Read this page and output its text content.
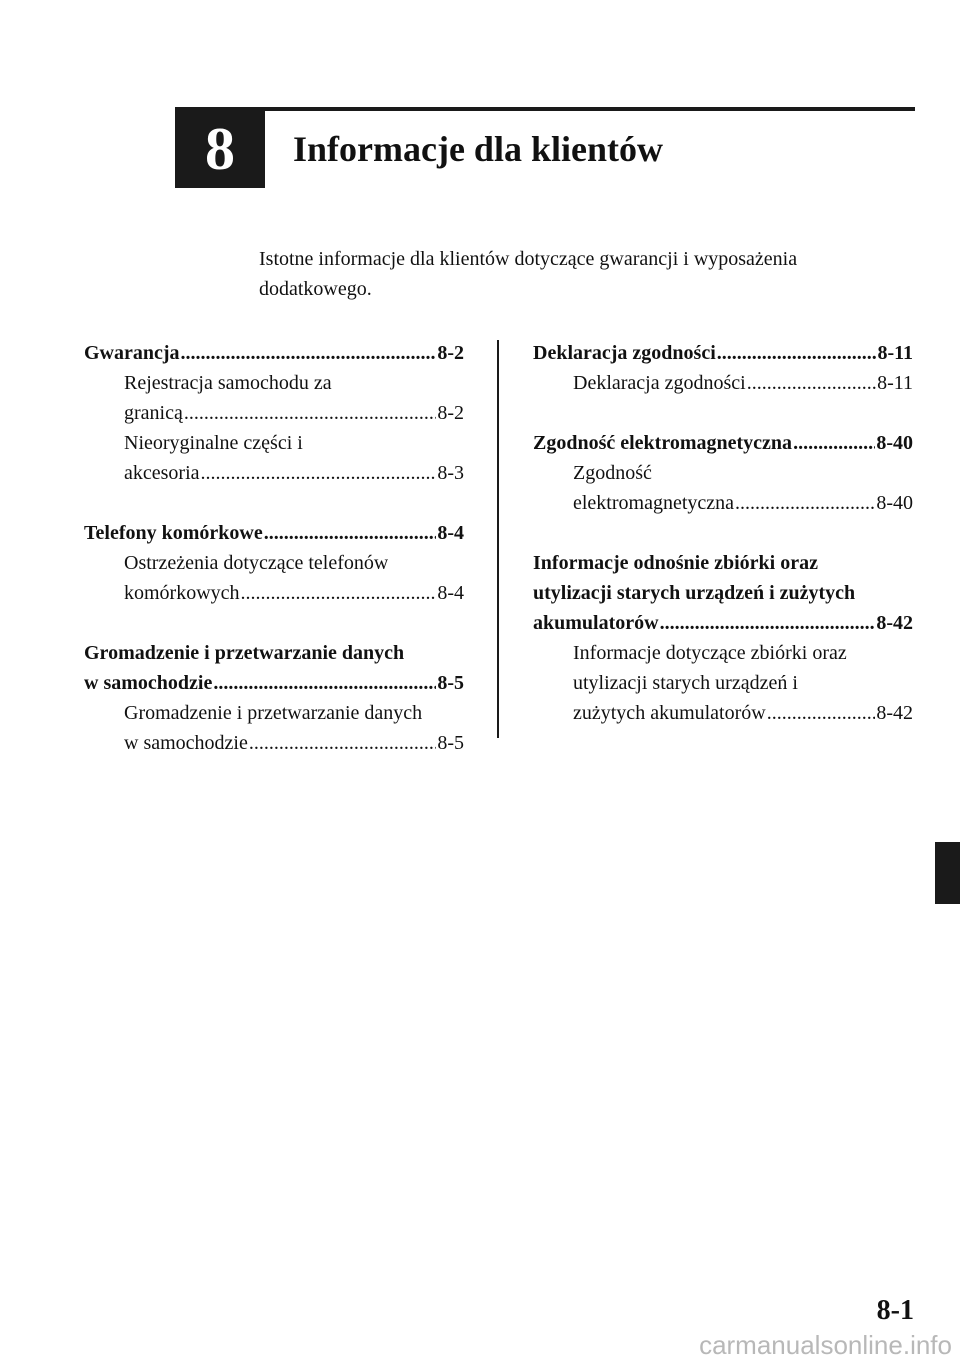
8 Informacje dla klientów
Istotne informacje dla klientów dotyczące gwarancji i wyposażenia
dodatkowego.
Gwarancja .....	8-2
Rejestracja samochodu za
granicą .....	8-2
Nieoryginalne części i
akcesoria .....	8-3
Telefony komórkowe .....	8-4
Ostrzeżenia dotyczące telefonów
komórkowych .....	8-4
Gromadzenie i przetwarzanie danych
w samochodzie .....	8-5
Gromadzenie i przetwarzanie danych
w samochodzie .....	8-5
Deklaracja zgodności .....	8-11
Deklaracja zgodności .....	8-11
Zgodność elektromagnetyczna .....	8-40
Zgodność
elektromagnetyczna .....	8-40
Informacje odnośnie zbiórki oraz
utylizacji starych urządzeń i zużytych
akumulatorów .....	8-42
Informacje dotyczące zbiórki oraz
utylizacji starych urządzeń i
zużytych akumulatorów .....	8-42
8-1
carmanualsonline.info
